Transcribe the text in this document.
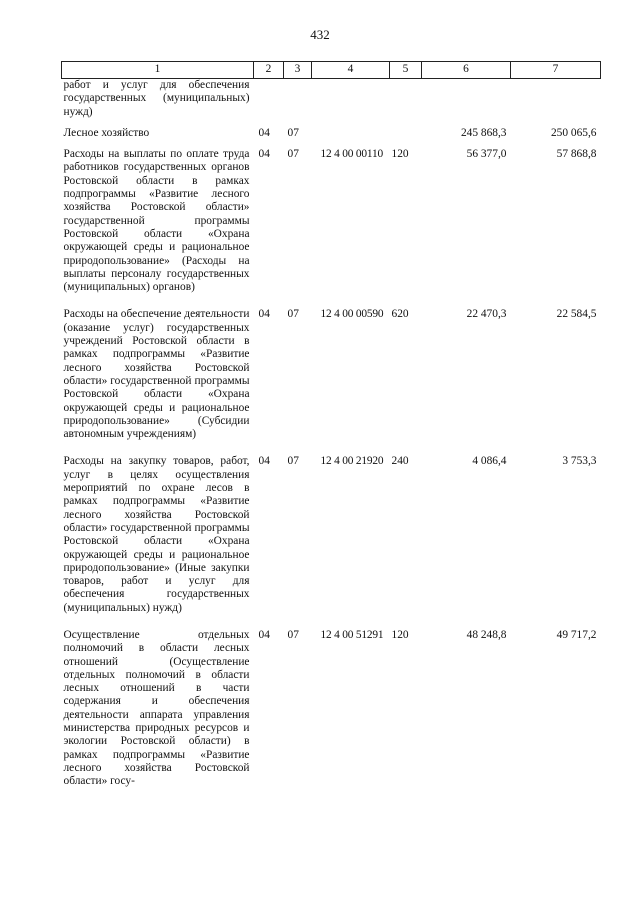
432
1	2	3	4	5	6	7
работ и услуг для обеспечения государственных (муниципальных) нужд)						
Лесное хозяйство	04	07			245 868,3	250 065,6
Расходы на выплаты по оплате труда работников государственных органов Ростовской области в рамках подпрограммы «Развитие лесного хозяйства Ростовской области» государственной программы Ростовской области «Охрана окружающей среды и рациональное природопользование» (Расходы на выплаты персоналу государственных (муниципальных) органов)	04	07	12 4 00 00110	120	56 377,0	57 868,8
Расходы на обеспечение деятельности (оказание услуг) государственных учреждений Ростовской области в рамках подпрограммы «Развитие лесного хозяйства Ростовской области» государственной программы Ростовской области «Охрана окружающей среды и рациональное природопользование» (Субсидии автономным учреждениям)	04	07	12 4 00 00590	620	22 470,3	22 584,5
Расходы на закупку товаров, работ, услуг в целях осуществления мероприятий по охране лесов в рамках подпрограммы «Развитие лесного хозяйства Ростовской области» государственной программы Ростовской области «Охрана окружающей среды и рациональное природопользование» (Иные закупки товаров, работ и услуг для обеспечения государственных (муниципальных) нужд)	04	07	12 4 00 21920	240	4 086,4	3 753,3
Осуществление отдельных полномочий в области лесных отношений (Осуществление отдельных полномочий в области лесных отношений в части содержания и обеспечения деятельности аппарата управления министерства природных ресурсов и экологии Ростовской области) в рамках подпрограммы «Развитие лесного хозяйства Ростовской области» госу-	04	07	12 4 00 51291	120	48 248,8	49 717,2
